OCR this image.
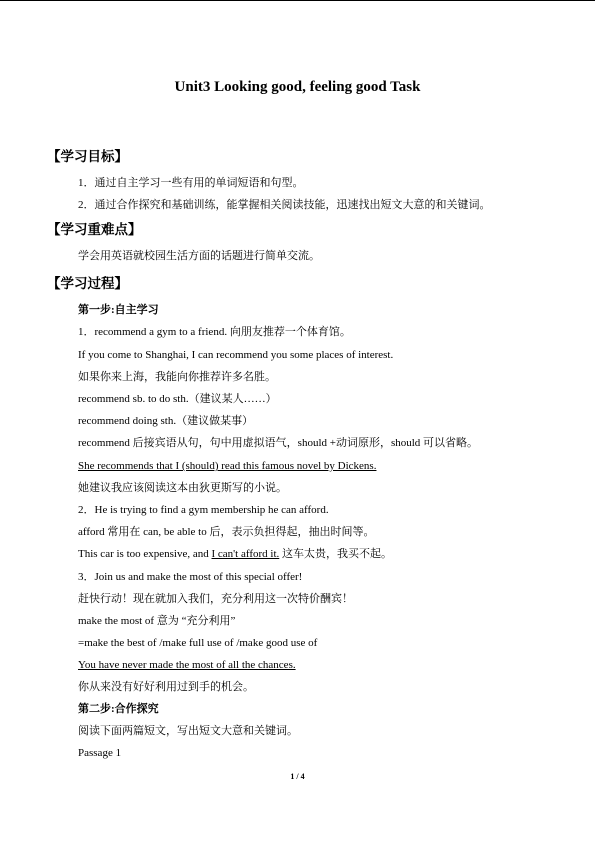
Unit3 Looking good, feeling good Task
【学习目标】
1．通过自主学习一些有用的单词短语和句型。
2．通过合作探究和基础训练，能掌握相关阅读技能，迅速找出短文大意的和关键词。
【学习重难点】
学会用英语就校园生活方面的话题进行简单交流。
【学习过程】
第一步:自主学习
1．recommend a gym to a friend. 向朋友推荐一个体育馆。
If you come to Shanghai, I can recommend you some places of interest.
如果你来上海，我能向你推荐许多名胜。
recommend sb. to do sth.（建议某人……）
recommend doing sth.（建议做某事）
recommend 后接宾语从句，句中用虚拟语气，should +动词原形，should 可以省略。
She recommends that I (should) read this famous novel by Dickens.
她建议我应该阅读这本由狄更斯写的小说。
2．He is trying to find a gym membership he can afford.
afford 常用在 can, be able to 后，表示负担得起，抽出时间等。
This car is too expensive, and I can't afford it. 这车太贵，我买不起。
3．Join us and make the most of this special offer!
赶快行动！现在就加入我们，充分利用这一次特价酬宾！
make the most of 意为 “充分利用”
=make the best of /make full use of /make good use of
You have never made the most of all the chances.
你从来没有好好利用过到手的机会。
第二步:合作探究
阅读下面两篇短文，写出短文大意和关键词。
Passage 1
1 / 4
